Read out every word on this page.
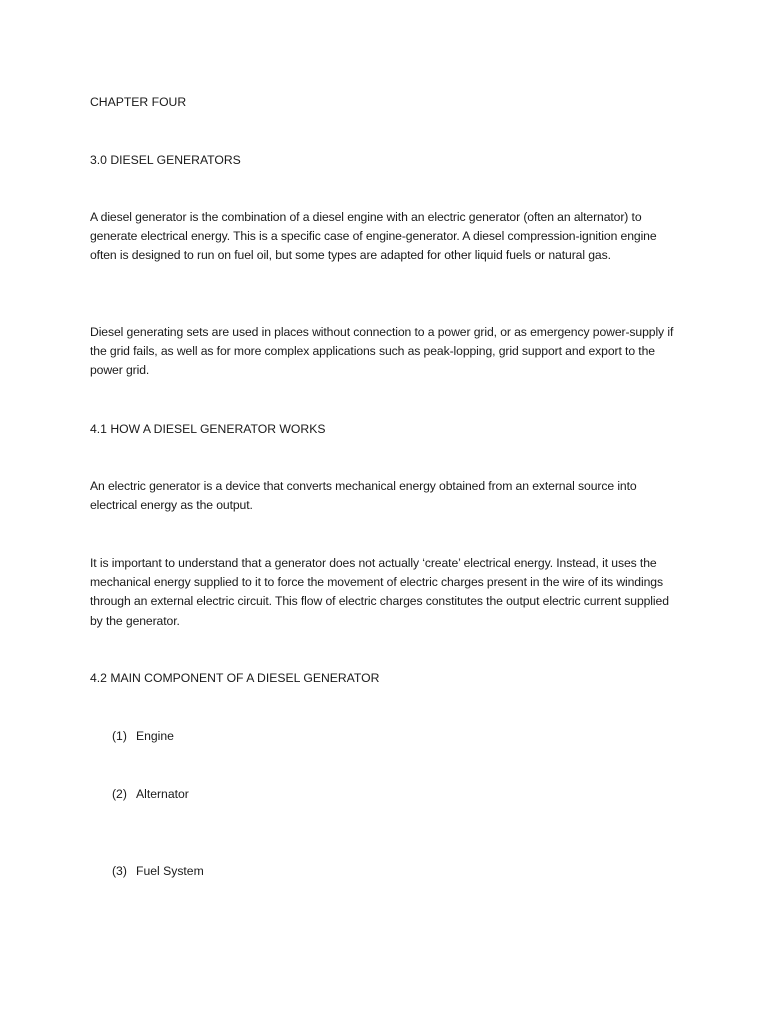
CHAPTER FOUR

3.0 DIESEL GENERATORS

A diesel generator is the combination of a diesel engine with an electric generator (often an alternator) to generate electrical energy. This is a specific case of engine-generator. A diesel compression-ignition engine often is designed to run on fuel oil, but some types are adapted for other liquid fuels or natural gas.

Diesel generating sets are used in places without connection to a power grid, or as emergency power-supply if the grid fails, as well as for more complex applications such as peak-lopping, grid support and export to the power grid.

4.1 HOW A DIESEL GENERATOR WORKS

An electric generator is a device that converts mechanical energy obtained from an external source into electrical energy as the output.

It is important to understand that a generator does not actually ‘create’ electrical energy. Instead, it uses the mechanical energy supplied to it to force the movement of electric charges present in the wire of its windings through an external electric circuit. This flow of electric charges constitutes the output electric current supplied by the generator.

4.2 MAIN COMPONENT OF A DIESEL GENERATOR

(1) Engine

(2) Alternator

(3) Fuel System
